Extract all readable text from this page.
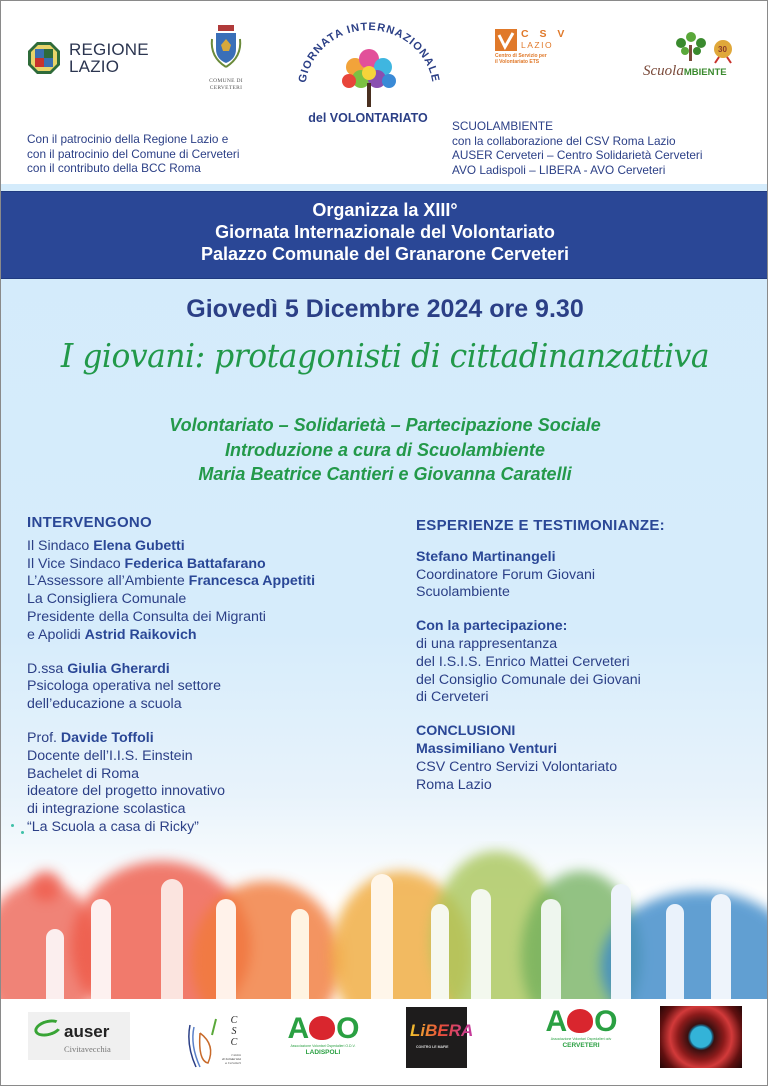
REGIONE
LAZIO
COMUNE DI
CERVETERI
GIORNATA INTERNAZIONALE
del VOLONTARIATO
C S V
LAZIO
Centro di Servizio per
il Volontariato ETS
30
ScuolaMBIENTE
Con il patrocinio della Regione Lazio e
con il patrocinio del Comune di Cerveteri
con il contributo della BCC Roma
SCUOLAMBIENTE
con la collaborazione del CSV Roma Lazio
AUSER Cerveteri – Centro Solidarietà Cerveteri
AVO Ladispoli – LIBERA - AVO Cerveteri
Organizza la XIII°
Giornata Internazionale del Volontariato
Palazzo Comunale del Granarone Cerveteri
Giovedì 5 Dicembre 2024 ore 9.30
I giovani: protagonisti di cittadinanzattiva
Volontariato – Solidarietà – Partecipazione Sociale
Introduzione a cura di Scuolambiente
Maria Beatrice Cantieri e Giovanna Caratelli
INTERVENGONO
Il Sindaco Elena Gubetti
Il Vice Sindaco Federica Battafarano
L’Assessore all’Ambiente Francesca Appetiti
La Consigliera Comunale
Presidente della Consulta dei Migranti
e Apolidi Astrid Raikovich
D.ssa Giulia Gherardi
Psicologa operativa nel settore
dell’educazione a scuola
Prof. Davide Toffoli
Docente dell’I.I.S. Einstein
Bachelet di Roma
ideatore del progetto innovativo
di integrazione scolastica
“La Scuola a casa di Ricky”
ESPERIENZE E TESTIMONIANZE:
Stefano Martinangeli
Coordinatore Forum Giovani
Scuolambiente
Con la partecipazione:
di una rappresentanza
del I.S.I.S. Enrico Mattei Cerveteri
del Consiglio Comunale dei Giovani
di Cerveteri
CONCLUSIONI
Massimiliano Venturi
CSV Centro Servizi Volontariato
Roma Lazio
auser
Civitavecchia
C
S
C
Centro
di Solidarietà
a Cerveteri
A O
Associazione Volontari Ospedalieri O.D.V.
LADISPOLI
LiBERA
CONTRO LE MAFIE
A O
Associazione Volontari Ospedalieri odv
CERVETERI
